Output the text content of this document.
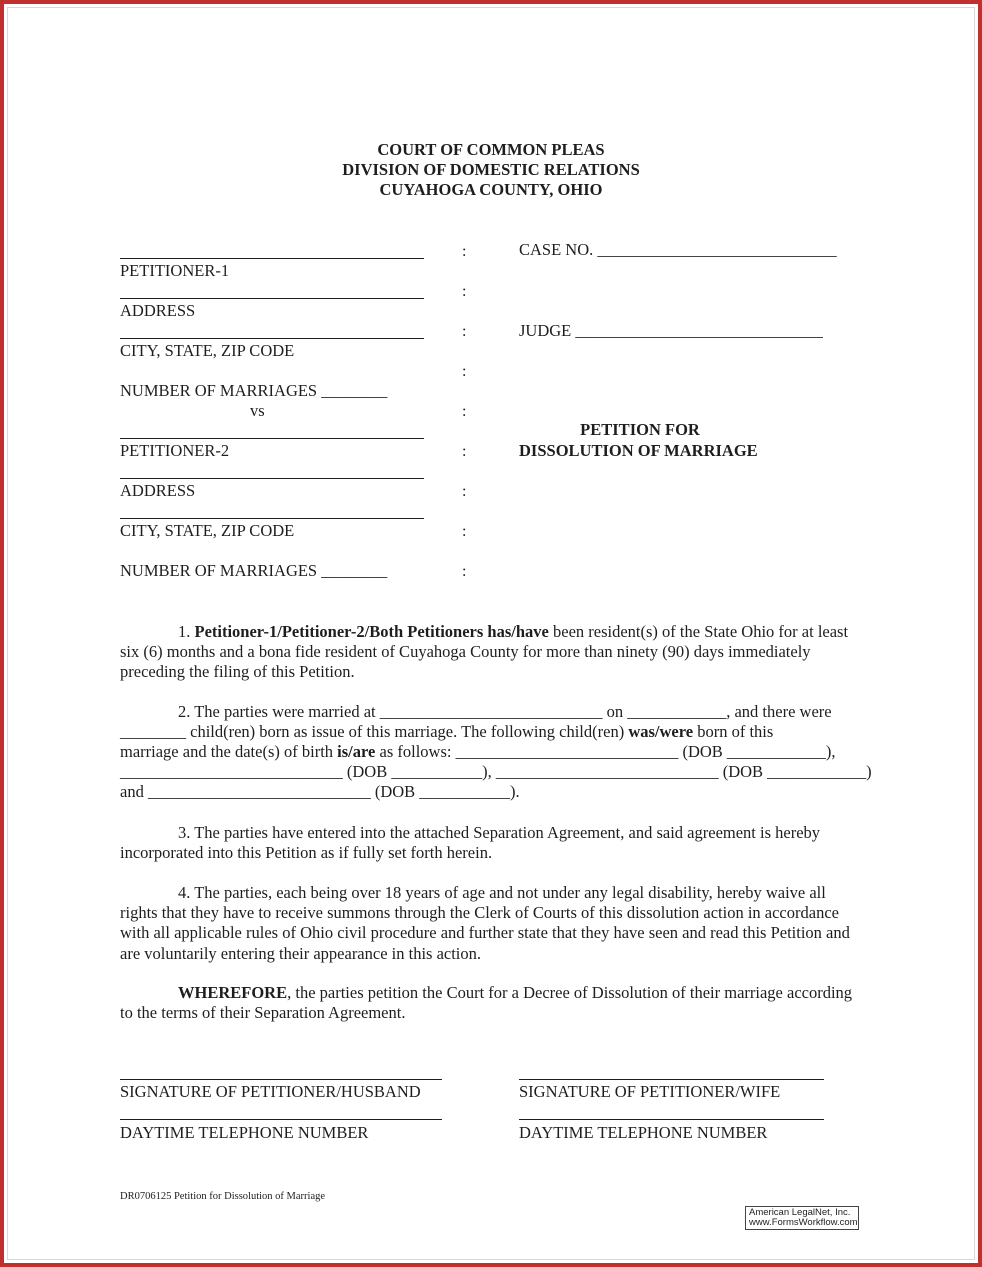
COURT OF COMMON PLEAS
DIVISION OF DOMESTIC RELATIONS
CUYAHOGA COUNTY, OHIO
PETITIONER-1
ADDRESS
CITY, STATE, ZIP CODE
NUMBER OF MARRIAGES ________
vs
PETITIONER-2
ADDRESS
CITY, STATE, ZIP CODE
NUMBER OF MARRIAGES ________
:
:
:
:
:
:
:
:
:
CASE NO. _____________________________
JUDGE ______________________________
PETITION FOR
DISSOLUTION OF MARRIAGE
1. Petitioner-1/Petitioner-2/Both Petitioners has/have been resident(s) of the State Ohio for at least six (6) months and a bona fide resident of Cuyahoga County for more than ninety (90) days immediately preceding the filing of this Petition.
2. The parties were married at ___________________________ on ____________, and there were
________ child(ren) born as issue of this marriage. The following child(ren) was/were born of this
marriage and the date(s) of birth is/are as follows: ___________________________ (DOB ____________),
___________________________ (DOB ___________), ___________________________ (DOB ____________)
and ___________________________ (DOB ___________).
3. The parties have entered into the attached Separation Agreement, and said agreement is hereby incorporated into this Petition as if fully set forth herein.
4. The parties, each being over 18 years of age and not under any legal disability, hereby waive all rights that they have to receive summons through the Clerk of Courts of this dissolution action in accordance with all applicable rules of Ohio civil procedure and further state that they have seen and read this Petition and are voluntarily entering their appearance in this action.
WHEREFORE, the parties petition the Court for a Decree of Dissolution of their marriage according to the terms of their Separation Agreement.
SIGNATURE OF PETITIONER/HUSBAND	SIGNATURE OF PETITIONER/WIFE
DAYTIME TELEPHONE NUMBER	DAYTIME TELEPHONE NUMBER
DR0706125 Petition for Dissolution of Marriage
American LegalNet, Inc.
www.FormsWorkflow.com
